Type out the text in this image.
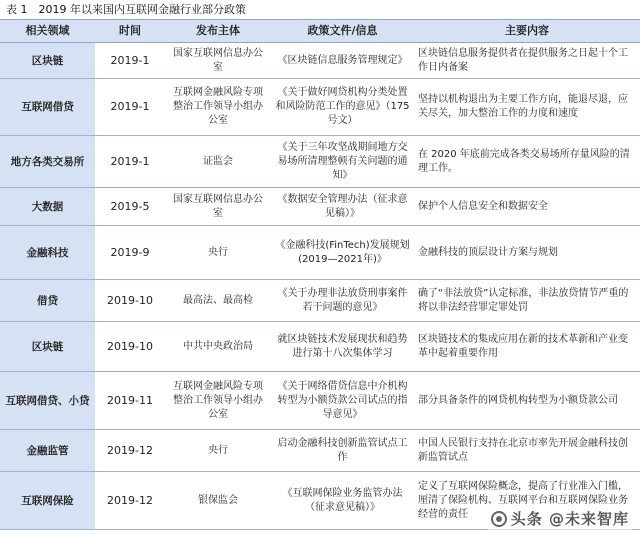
表 1　2019 年以来国内互联网金融行业部分政策
相关领域	时间	发布主体	政策文件/信息	主要内容
区块链	2019-1	国家互联网信息办公室	《区块链信息服务管理规定》	区块链信息服务提供者在提供服务之日起十个工作日内备案
互联网借贷	2019-1	互联网金融风险专项整治工作领导小组办公室	《关于做好网贷机构分类处置和风险防范工作的意见》（175 号文）	坚持以机构退出为主要工作方向，能退尽退，应关尽关，加大整治工作的力度和速度
地方各类交易所	2019-1	证监会	《关于三年攻坚战期间地方交易场所清理整顿有关问题的通知》	在 2020 年底前完成各类交易场所存量风险的清理工作。
大数据	2019-5	国家互联网信息办公室	《数据安全管理办法（征求意见稿）》	保护个人信息安全和数据安全
金融科技	2019-9	央行	《金融科技(FinTech)发展规划(2019—2021年)》	金融科技的顶层设计方案与规划
借贷	2019-10	最高法、最高检	《关于办理非法放贷刑事案件若干问题的意见》	确了“非法放贷”认定标准，非法放贷情节严重的将以非法经营罪定罪处罚
区块链	2019-10	中共中央政治局	就区块链技术发展现状和趋势进行第十八次集体学习	区块链技术的集成应用在新的技术革新和产业变革中起着重要作用
互联网借贷、小贷	2019-11	互联网金融风险专项整治工作领导小组办公室	《关于网络借贷信息中介机构转型为小额贷款公司试点的指导意见》	部分具备条件的网贷机构转型为小额贷款公司
金融监管	2019-12	央行	启动金融科技创新监管试点工作	中国人民银行支持在北京市率先开展金融科技创新监管试点
互联网保险	2019-12	银保监会	《互联网保险业务监管办法（征求意见稿）》	定义了互联网保险概念，提高了行业准入门槛，厘清了保险机构、互联网平台和互联网保险业务经营的责任	头条 @未来智库
